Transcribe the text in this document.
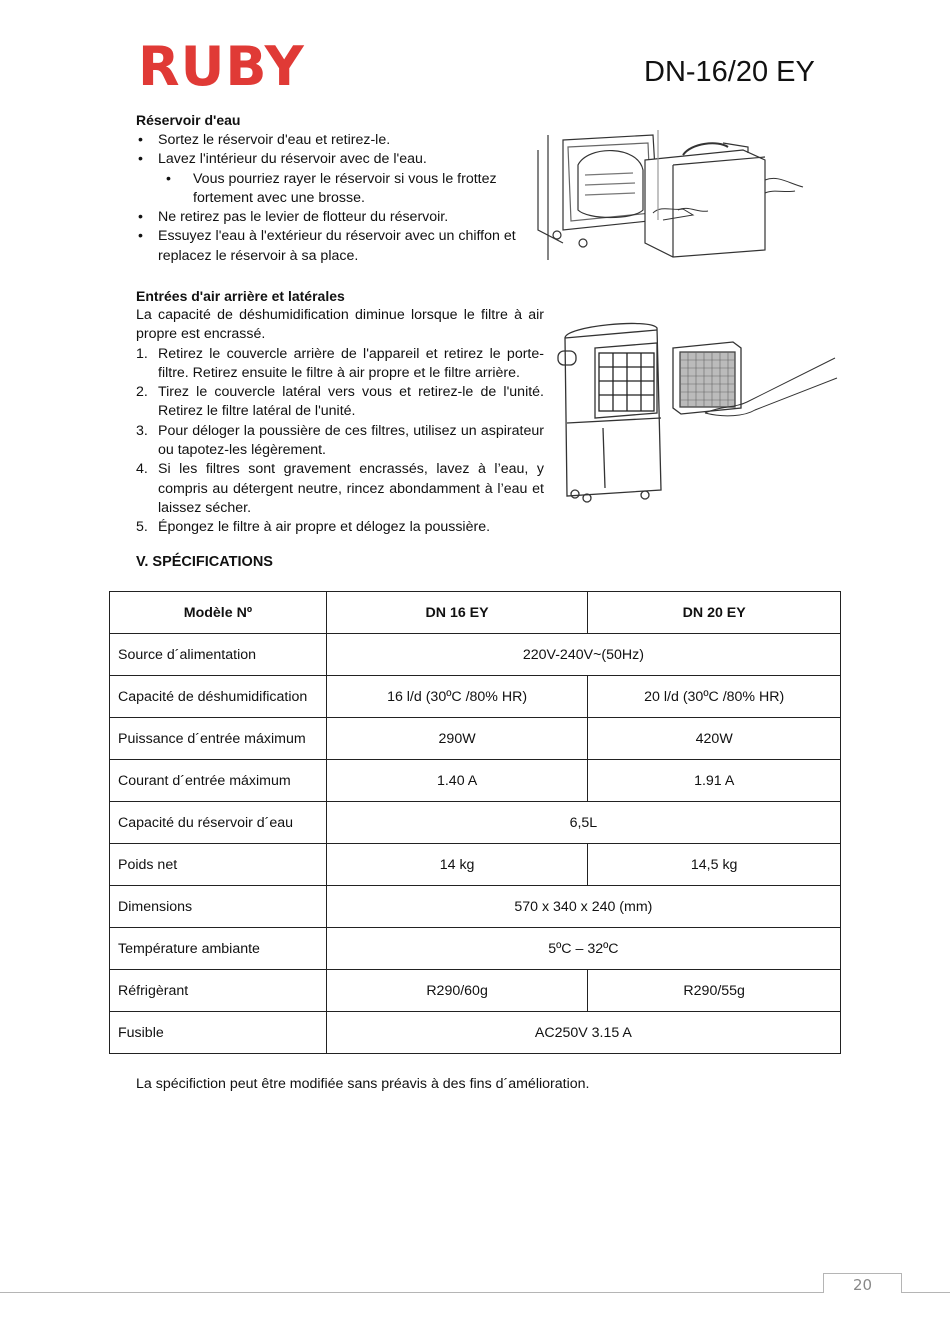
RUBY	DN-16/20 EY
Réservoir d'eau
• Sortez le réservoir d'eau et retirez-le.
• Lavez l'intérieur du réservoir avec de l'eau.
• Vous pourriez rayer le réservoir si vous le frottez fortement avec une brosse.
• Ne retirez pas le levier de flotteur du réservoir.
• Essuyez l'eau à l'extérieur du réservoir avec un chiffon et replacez le réservoir à sa place.
Entrées d'air arrière et latérales
La capacité de déshumidification diminue lorsque le filtre à air propre est encrassé.
1. Retirez le couvercle arrière de l'appareil et retirez le porte-filtre. Retirez ensuite le filtre à air propre et le filtre arrière.
2. Tirez le couvercle latéral vers vous et retirez-le de l'unité. Retirez le filtre latéral de l'unité.
3. Pour déloger la poussière de ces filtres, utilisez un aspirateur ou tapotez-les légèrement.
4. Si les filtres sont gravement encrassés, lavez à l’eau, y compris au détergent neutre, rincez abondamment à l’eau et laissez sécher.
5. Épongez le filtre à air propre et délogez la poussière.
V. SPÉCIFICATIONS
Modèle Nº	DN 16 EY	DN 20 EY
Source d´alimentation	220V-240V~(50Hz)	
Capacité de déshumidification	16 l/d (30ºC /80% HR)	20 l/d (30ºC /80% HR)
Puissance d´entrée máximum	290W	420W
Courant d´entrée máximum	1.40 A	1.91 A
Capacité du réservoir d´eau	6,5L	
Poids net	14 kg	14,5 kg
Dimensions	570 x 340 x 240 (mm)	
Température ambiante	5ºC – 32ºC	
Réfrigèrant	R290/60g	R290/55g
Fusible	AC250V 3.15 A	
La spécifiction peut être modifiée sans préavis à des fins d´amélioration.
20
